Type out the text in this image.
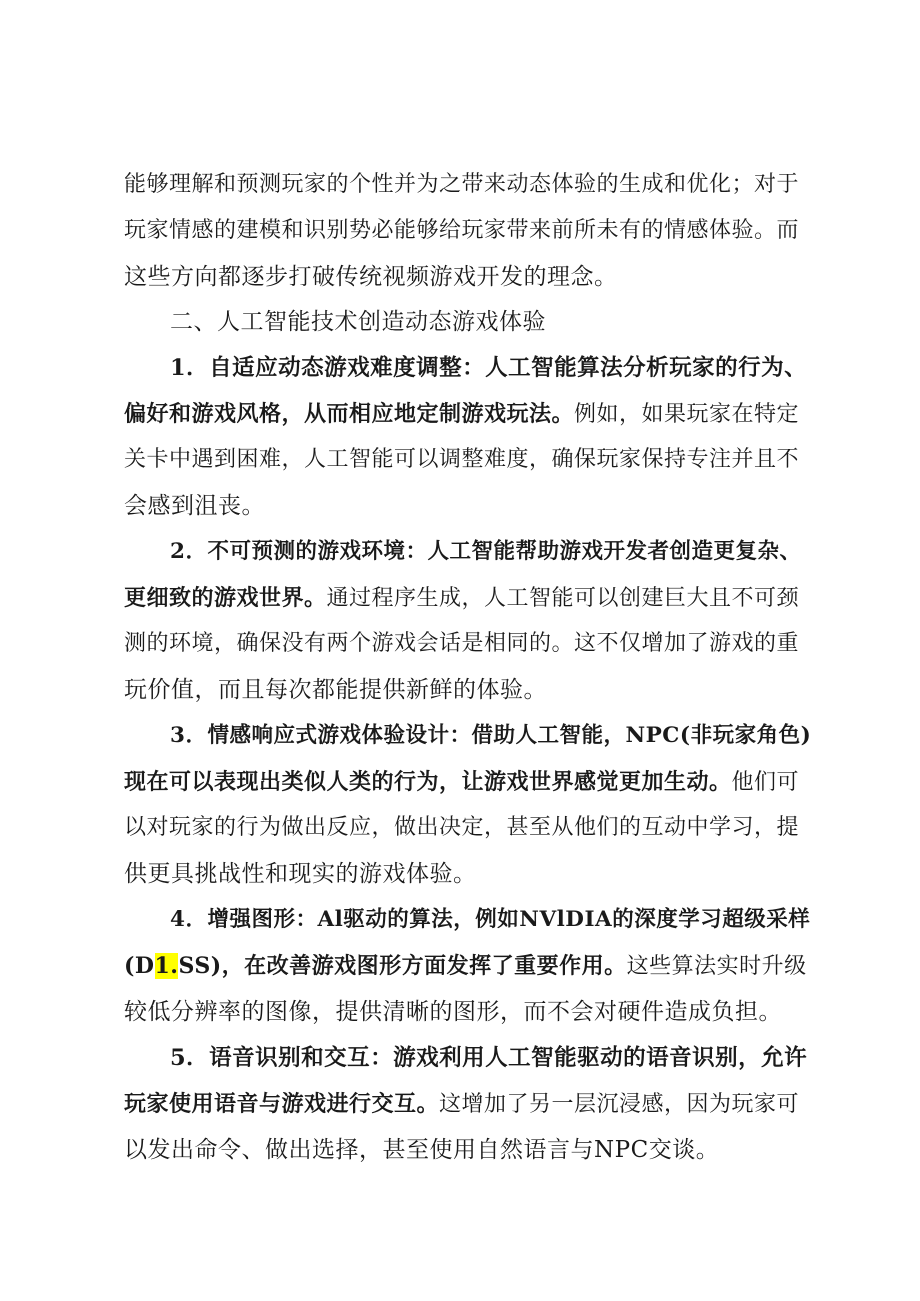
能够理解和预测玩家的个性并为之带来动态体验的生成和优化；对于
玩家情感的建模和识别势必能够给玩家带来前所未有的情感体验。而
这些方向都逐步打破传统视频游戏开发的理念。
二、人工智能技术创造动态游戏体验
1．自适应动态游戏难度调整：人工智能算法分析玩家的行为、
偏好和游戏风格，从而相应地定制游戏玩法。例如，如果玩家在特定
关卡中遇到困难，人工智能可以调整难度，确保玩家保持专注并且不
会感到沮丧。
2．不可预测的游戏环境：人工智能帮助游戏开发者创造更复杂、
更细致的游戏世界。通过程序生成，人工智能可以创建巨大且不可颈
测的环境，确保没有两个游戏会话是相同的。这不仅增加了游戏的重
玩价值，而且每次都能提供新鲜的体验。
3．情感响应式游戏体验设计：借助人工智能，NPC(非玩家角色)
现在可以表现出类似人类的行为，让游戏世界感觉更加生动。他们可
以对玩家的行为做出反应，做出决定，甚至从他们的互动中学习，提
供更具挑战性和现实的游戏体验。
4．增强图形：Al驱动的算法，例如NVlDIA的深度学习超级采样
(D1.SS)，在改善游戏图形方面发挥了重要作用。这些算法实时升级
较低分辨率的图像，提供清晰的图形，而不会对硬件造成负担。
5．语音识别和交互：游戏利用人工智能驱动的语音识别，允许
玩家使用语音与游戏进行交互。这增加了另一层沉浸感，因为玩家可
以发出命令、做出选择，甚至使用自然语言与NPC交谈。
